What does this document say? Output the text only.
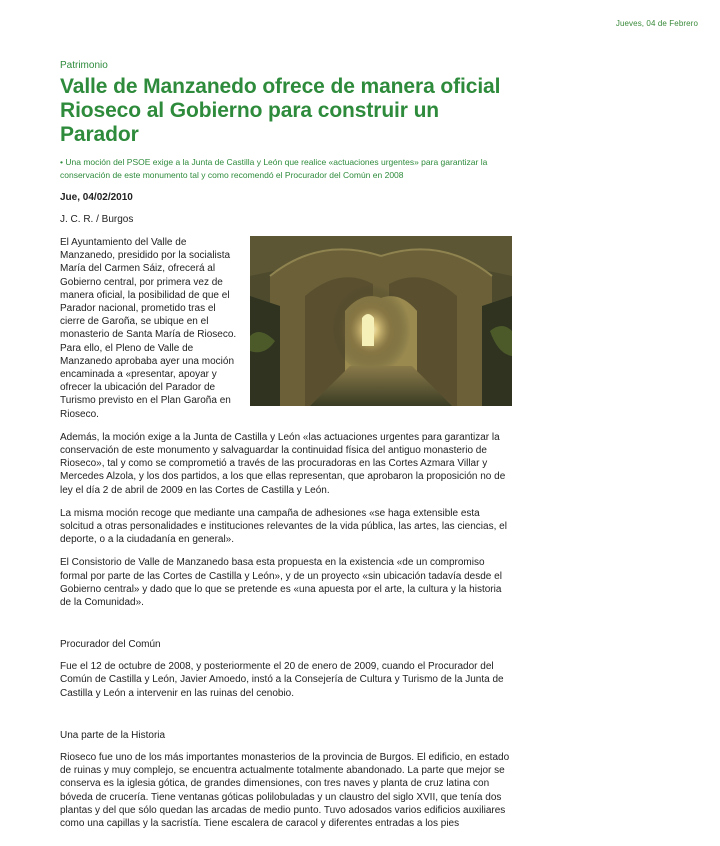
Jueves, 04 de Febrero
Patrimonio
Valle de Manzanedo ofrece de manera oficial Rioseco al Gobierno para construir un Parador
• Una moción del PSOE exige a la Junta de Castilla y León que realice «actuaciones urgentes» para garantizar la conservación de este monumento tal y como recomendó el Procurador del Común en 2008
Jue, 04/02/2010
J. C. R. / Burgos

El Ayuntamiento del Valle de Manzanedo, presidido por la socialista María del Carmen Sáiz, ofrecerá al Gobierno central, por primera vez de manera oficial, la posibilidad de que el Parador nacional, prometido tras el cierre de Garoña, se ubique en el monasterio de Santa María de Rioseco. Para ello, el Pleno de Valle de Manzanedo aprobaba ayer una moción encaminada a «presentar, apoyar y ofrecer la ubicación del Parador de Turismo previsto en el Plan Garoña en Rioseco.

Además, la moción exige a la Junta de Castilla y León «las actuaciones urgentes para garantizar la conservación de este monumento y salvaguardar la continuidad física del antiguo monasterio de Rioseco», tal y como se comprometió a través de las procuradoras en las Cortes Azmara Villar y Mercedes Alzola, y los dos partidos, a los que ellas representan, que aprobaron la proposición no de ley el día 2 de abril de 2009 en las Cortes de Castilla y León.

La misma moción recoge que mediante una campaña de adhesiones «se haga extensible esta solcitud a otras personalidades e instituciones relevantes de la vida pública, las artes, las ciencias, el deporte, o a la ciudadanía en general».

El Consistorio de Valle de Manzanedo basa esta propuesta en la existencia «de un compromiso formal por parte de las Cortes de Castilla y León», y de un proyecto «sin ubicación tadavía desde el Gobierno central» y dado que lo que se pretende es «una apuesta por el arte, la cultura y la historia de la Comunidad».

Procurador del Común

Fue el 12 de octubre de 2008, y posteriormente el 20 de enero de 2009, cuando el Procurador del Común de Castilla y León, Javier Amoedo, instó a la Consejería de Cultura y Turismo de la Junta de Castilla y León a intervenir en las ruinas del cenobio.

Una parte de la Historia

Rioseco fue uno de los más importantes monasterios de la provincia de Burgos. El edificio, en estado de ruinas y muy complejo, se encuentra actualmente totalmente abandonado. La parte que mejor se conserva es la iglesia gótica, de grandes dimensiones, con tres naves y planta de cruz latina con bóveda de crucería. Tiene ventanas góticas polilobuladas y un claustro del siglo XVII, que tenía dos plantas y del que sólo quedan las arcadas de medio punto. Tuvo adosados varios edificios auxiliares como una capillas y la sacristía. Tiene escalera de caracol y diferentes entradas a los pies
